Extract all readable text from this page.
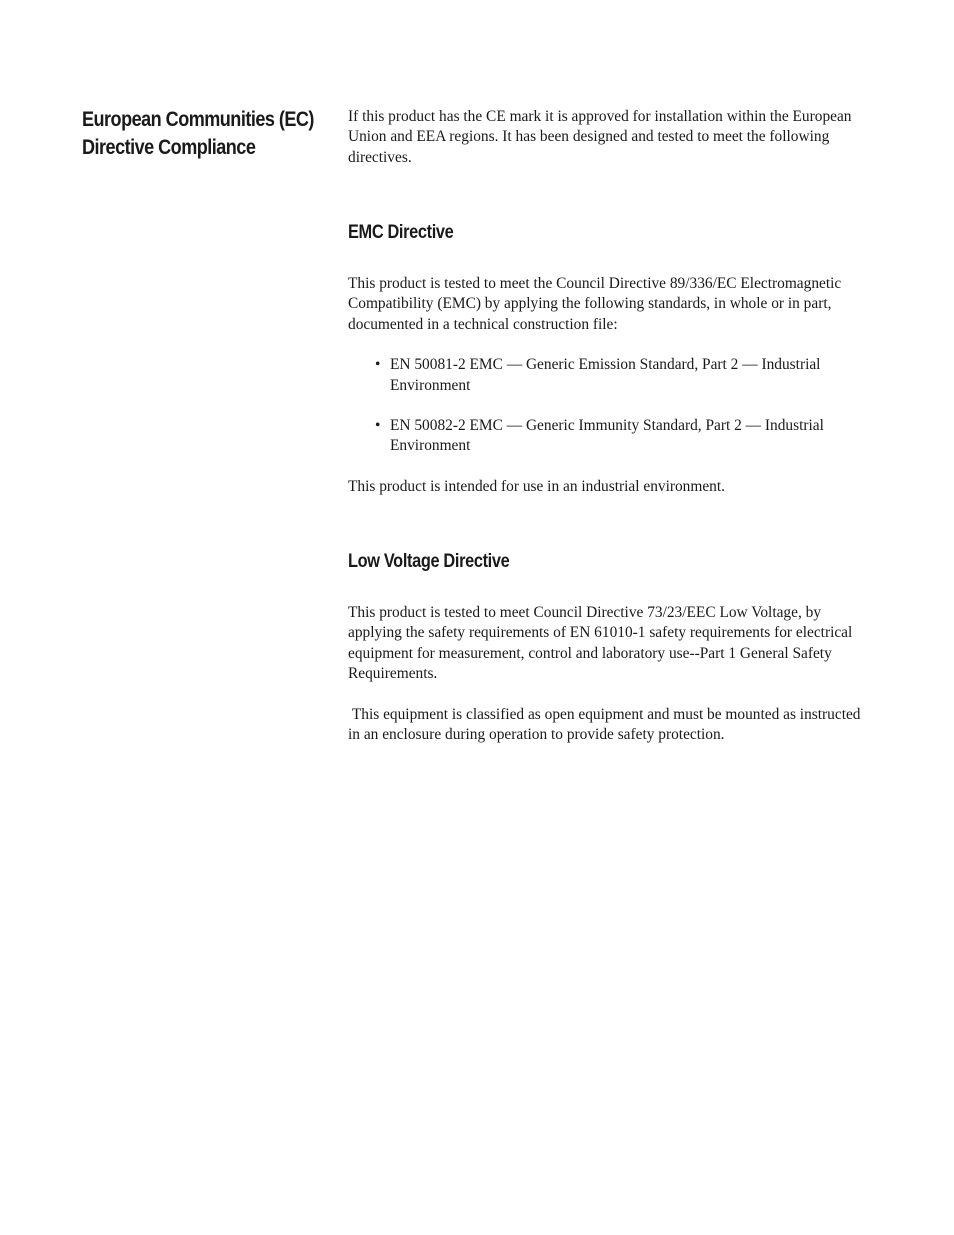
European Communities (EC)
Directive Compliance

If this product has the CE mark it is approved for installation within the European Union and EEA regions. It has been designed and tested to meet the following directives.

EMC Directive

This product is tested to meet the Council Directive 89/336/EC Electromagnetic Compatibility (EMC) by applying the following standards, in whole or in part, documented in a technical construction file:

• EN 50081-2 EMC — Generic Emission Standard, Part 2 — Industrial Environment
• EN 50082-2 EMC — Generic Immunity Standard, Part 2 — Industrial Environment

This product is intended for use in an industrial environment.

Low Voltage Directive

This product is tested to meet Council Directive 73/23/EEC Low Voltage, by applying the safety requirements of EN 61010-1 safety requirements for electrical equipment for measurement, control and laboratory use--Part 1 General Safety Requirements.

This equipment is classified as open equipment and must be mounted as instructed in an enclosure during operation to provide safety protection.
